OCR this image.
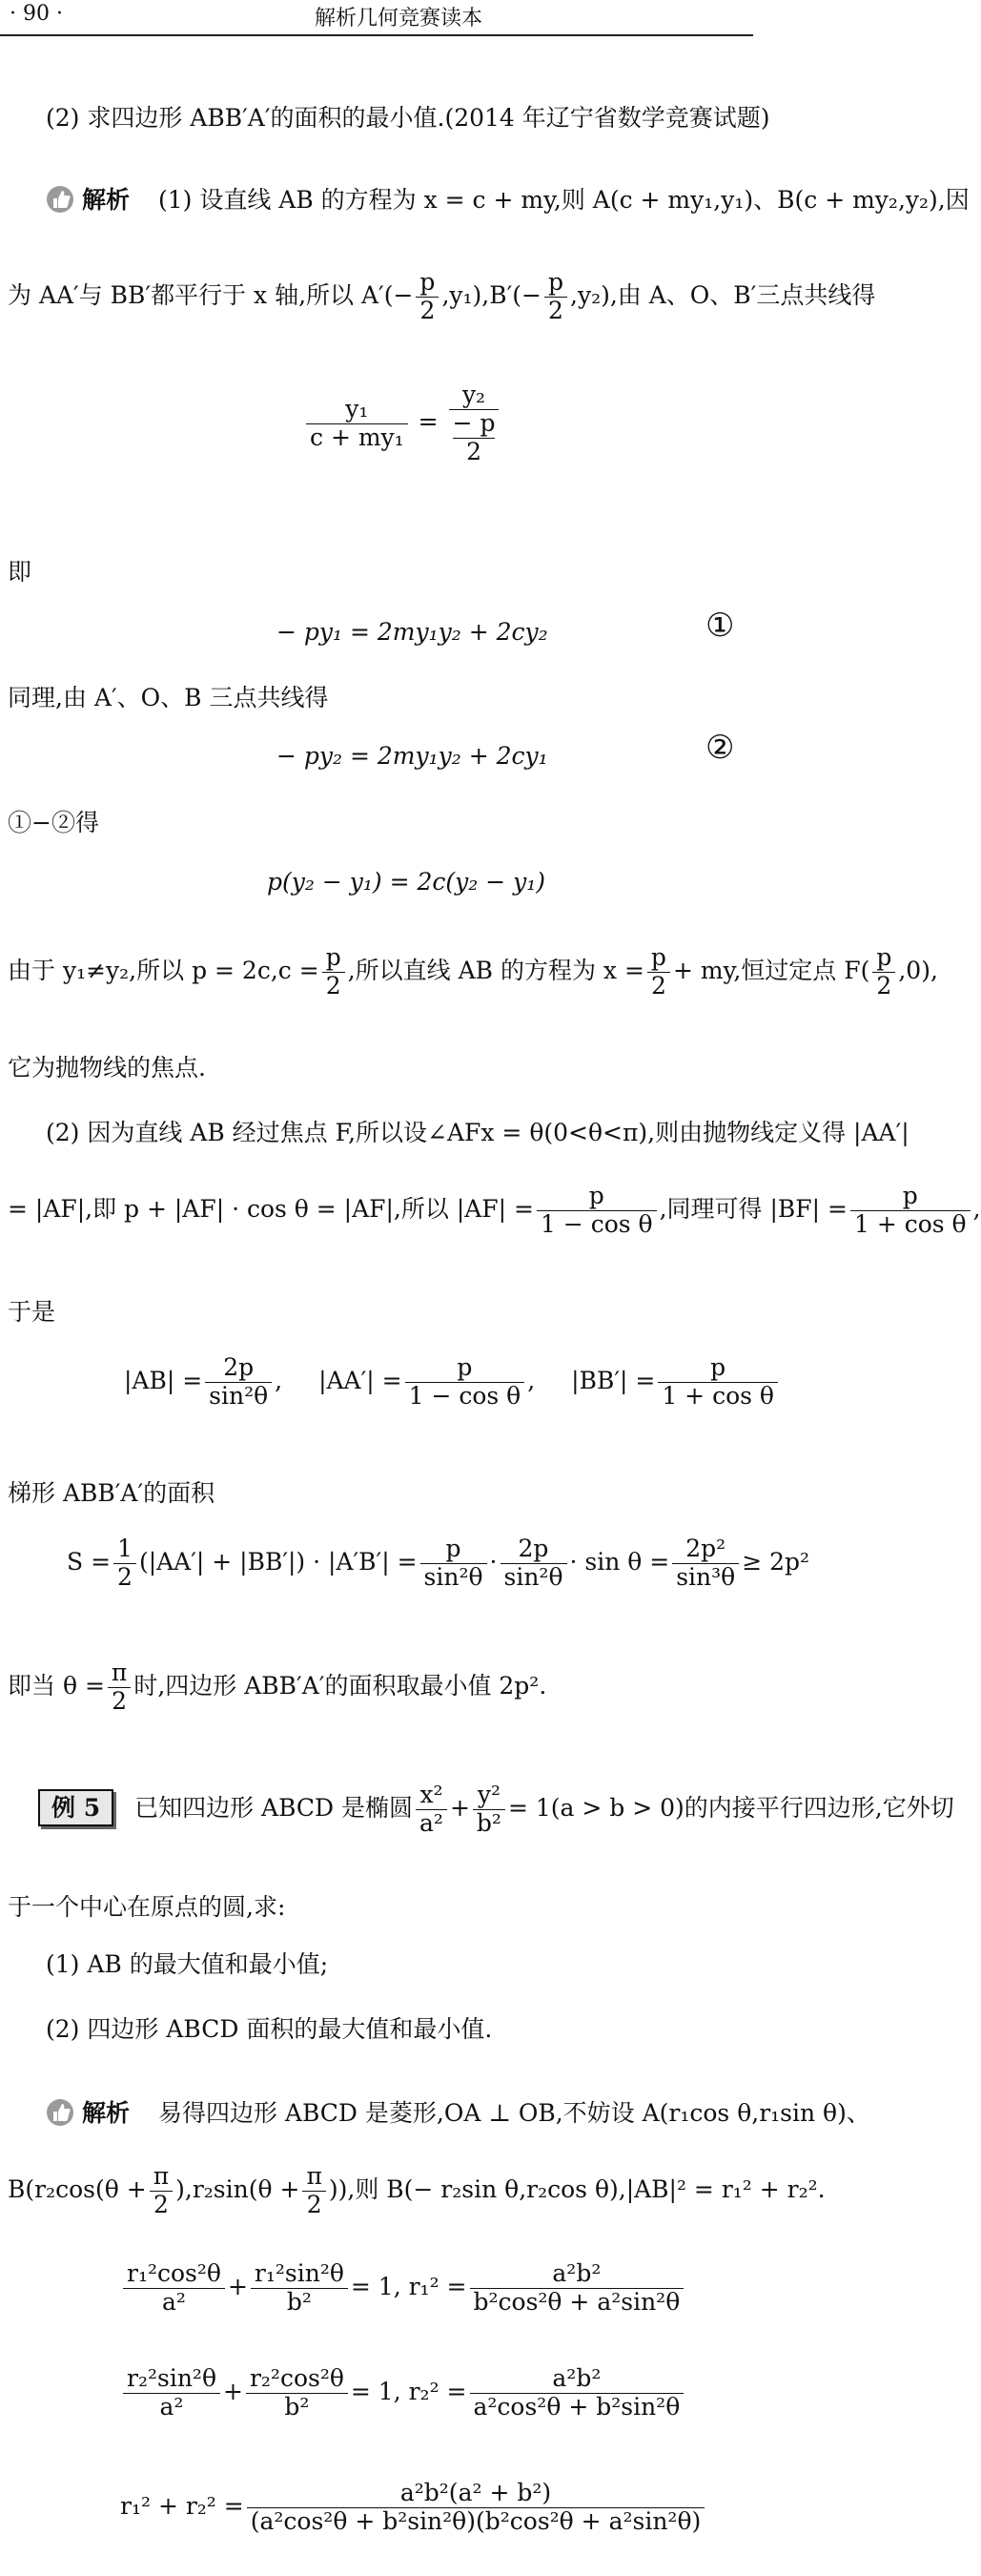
· 90 ·	解析几何竞赛读本
(2) 求四边形 ABB′A′的面积的最小值.(2014 年辽宁省数学竞赛试题)
解析 (1) 设直线 AB 的方程为 x = c + my,则 A(c + my₁,y₁)、B(c + my₂,y₂),因
为 AA′与 BB′都平行于 x 轴,所以 $A'(- \frac{p}{2} ,y_1),B'(- \frac{p}{2} ,y_2)$,由 A、O、B′三点共线得
$\frac{\text{y₁}}{\text{c + my₁}}$ =
y₂
− p
2
即
− py₁ = 2my₁y₂ + 2cy₂	①
同理,由 A′、O、B 三点共线得
− py₂ = 2my₁y₂ + 2cy₁	②
①−②得
p(y₂ − y₁) = 2c(y₂ − y₁)
由于 y₁≠y₂,所以 $p = 2c,c = \frac{p}{2}$ ,所以直线 AB 的方程为 $x = \frac{p}{2}$ + my,恒过定点 $F( \frac{p}{2} ,0)$,
它为抛物线的焦点.
(2) 因为直线 AB 经过焦点 F,所以设∠AFx = θ(0<θ<π),则由抛物线定义得 |AA′|
= |AF|,即 p + |AF| · cos θ = |AF|,所以 $|AF| = \frac{p}{\text{1 − cos θ}}$ ,同理可得 $|BF| = \frac{p}{\text{1 + cos θ}}$ ,
于是
$|AB| = \frac{2p}{\text{sin²θ}}$ , $|AA'| = \frac{p}{\text{1 − cos θ}}$ , $|BB'| = \frac{p}{\text{1 + cos θ}}$
梯形 ABB′A′的面积
$S = \frac{1}{2} (|AA'| + |BB'|) \cdot |A'B'| = \frac{p}{\text{sin²θ}} \cdot \frac{2p}{\text{sin²θ}} \cdot \sin \theta = \frac{\text{2p²}}{\text{sin³θ}} \ge 2p^2$
即当 $\theta = \frac{\pi}{2}$ 时,四边形 ABB′A′的面积取最小值 2p².
例 5 已知四边形 ABCD 是椭圆 $\frac{\text{x²}}{\text{a²}} + \frac{\text{y²}}{\text{b²}} = 1(a > b > 0)$的内接平行四边形,它外切
于一个中心在原点的圆,求:
(1) AB 的最大值和最小值;
(2) 四边形 ABCD 面积的最大值和最小值.
解析 易得四边形 ABCD 是菱形,OA ⊥ OB,不妨设 A(r₁cos θ,r₁sin θ)、
$B(r_2\cos(\theta + \frac{\pi}{2} ),r_2\sin(\theta + \frac{\pi}{2}$ )),则 B(− r₂sin θ,r₂cos θ),|AB|² = r₁² + r₂².
$\frac{\text{r₁²cos²θ}}{\text{a²}} + \frac{\text{r₁²sin²θ}}{\text{b²}} = 1$, $r_1^2 = \frac{\text{a²b²}}{\text{b²cos²θ + a²sin²θ}}$
$\frac{\text{r₂²sin²θ}}{\text{a²}} + \frac{\text{r₂²cos²θ}}{\text{b²}} = 1$, $r_2^2 = \frac{\text{a²b²}}{\text{a²cos²θ + b²sin²θ}}$
$r_1^2 + r_2^2 = \frac{\text{a²b²(a² + b²)}}{\text{(a²cos²θ + b²sin²θ)(b²cos²θ + a²sin²θ)}}$
